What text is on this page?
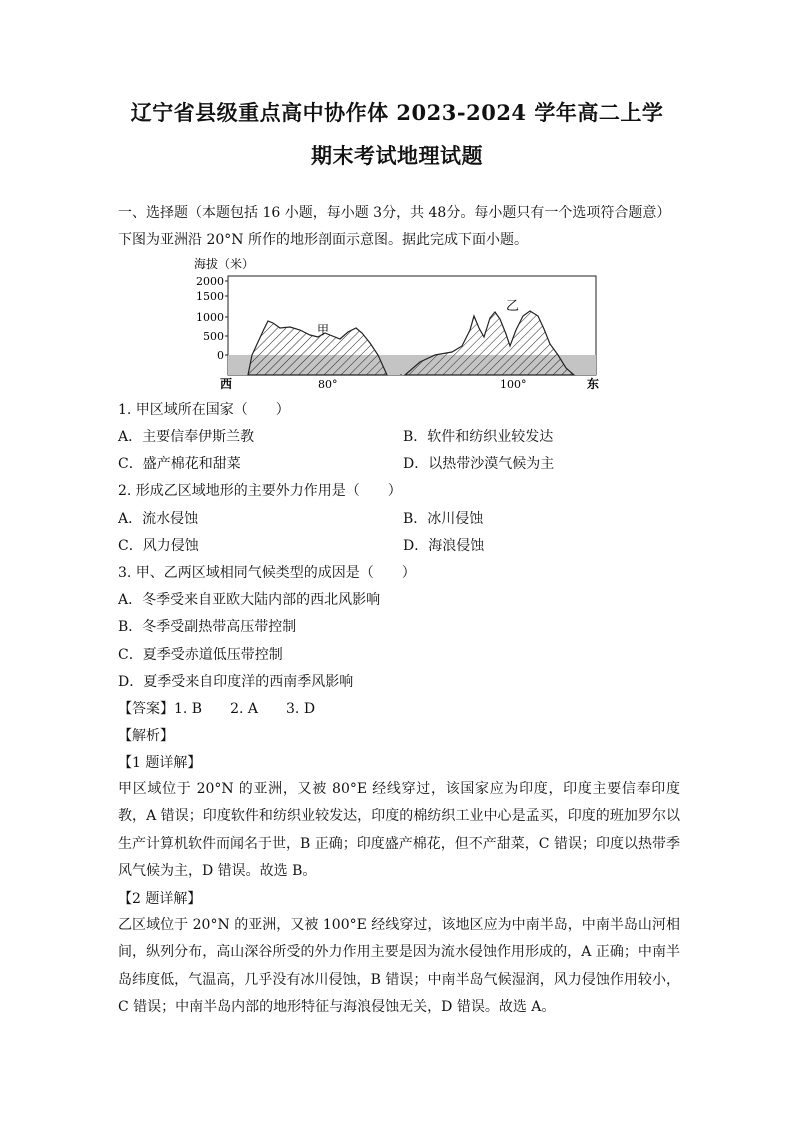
辽宁省县级重点高中协作体 2023-2024 学年高二上学
期末考试地理试题
一、选择题（本题包括 16 小题，每小题 3分，共 48分。每小题只有一个选项符合题意）
下图为亚洲沿 20°N 所作的地形剖面示意图。据此完成下面小题。
海拔（米）
2000
1500
1000
500
0
甲
乙
西	80°	100°	东
1. 甲区域所在国家（　　）
A．主要信奉伊斯兰教	B．软件和纺织业较发达
C．盛产棉花和甜菜	D．以热带沙漠气候为主
2. 形成乙区域地形的主要外力作用是（　　）
A．流水侵蚀	B．冰川侵蚀
C．风力侵蚀	D．海浪侵蚀
3. 甲、乙两区域相同气候类型的成因是（　　）
A．冬季受来自亚欧大陆内部的西北风影响
B．冬季受副热带高压带控制
C．夏季受赤道低压带控制
D．夏季受来自印度洋的西南季风影响
【答案】1. B　　2. A　　3. D
【解析】
【1 题详解】
甲区域位于 20°N 的亚洲，又被 80°E 经线穿过，该国家应为印度，印度主要信奉印度教，A 错误；印度软件和纺织业较发达，印度的棉纺织工业中心是孟买，印度的班加罗尔以生产计算机软件而闻名于世，B 正确；印度盛产棉花，但不产甜菜，C 错误；印度以热带季风气候为主，D 错误。故选 B。
【2 题详解】
乙区域位于 20°N 的亚洲，又被 100°E 经线穿过，该地区应为中南半岛，中南半岛山河相间，纵列分布，高山深谷所受的外力作用主要是因为流水侵蚀作用形成的，A 正确；中南半岛纬度低，气温高，几乎没有冰川侵蚀，B 错误；中南半岛气候湿润，风力侵蚀作用较小，C 错误；中南半岛内部的地形特征与海浪侵蚀无关，D 错误。故选 A。
